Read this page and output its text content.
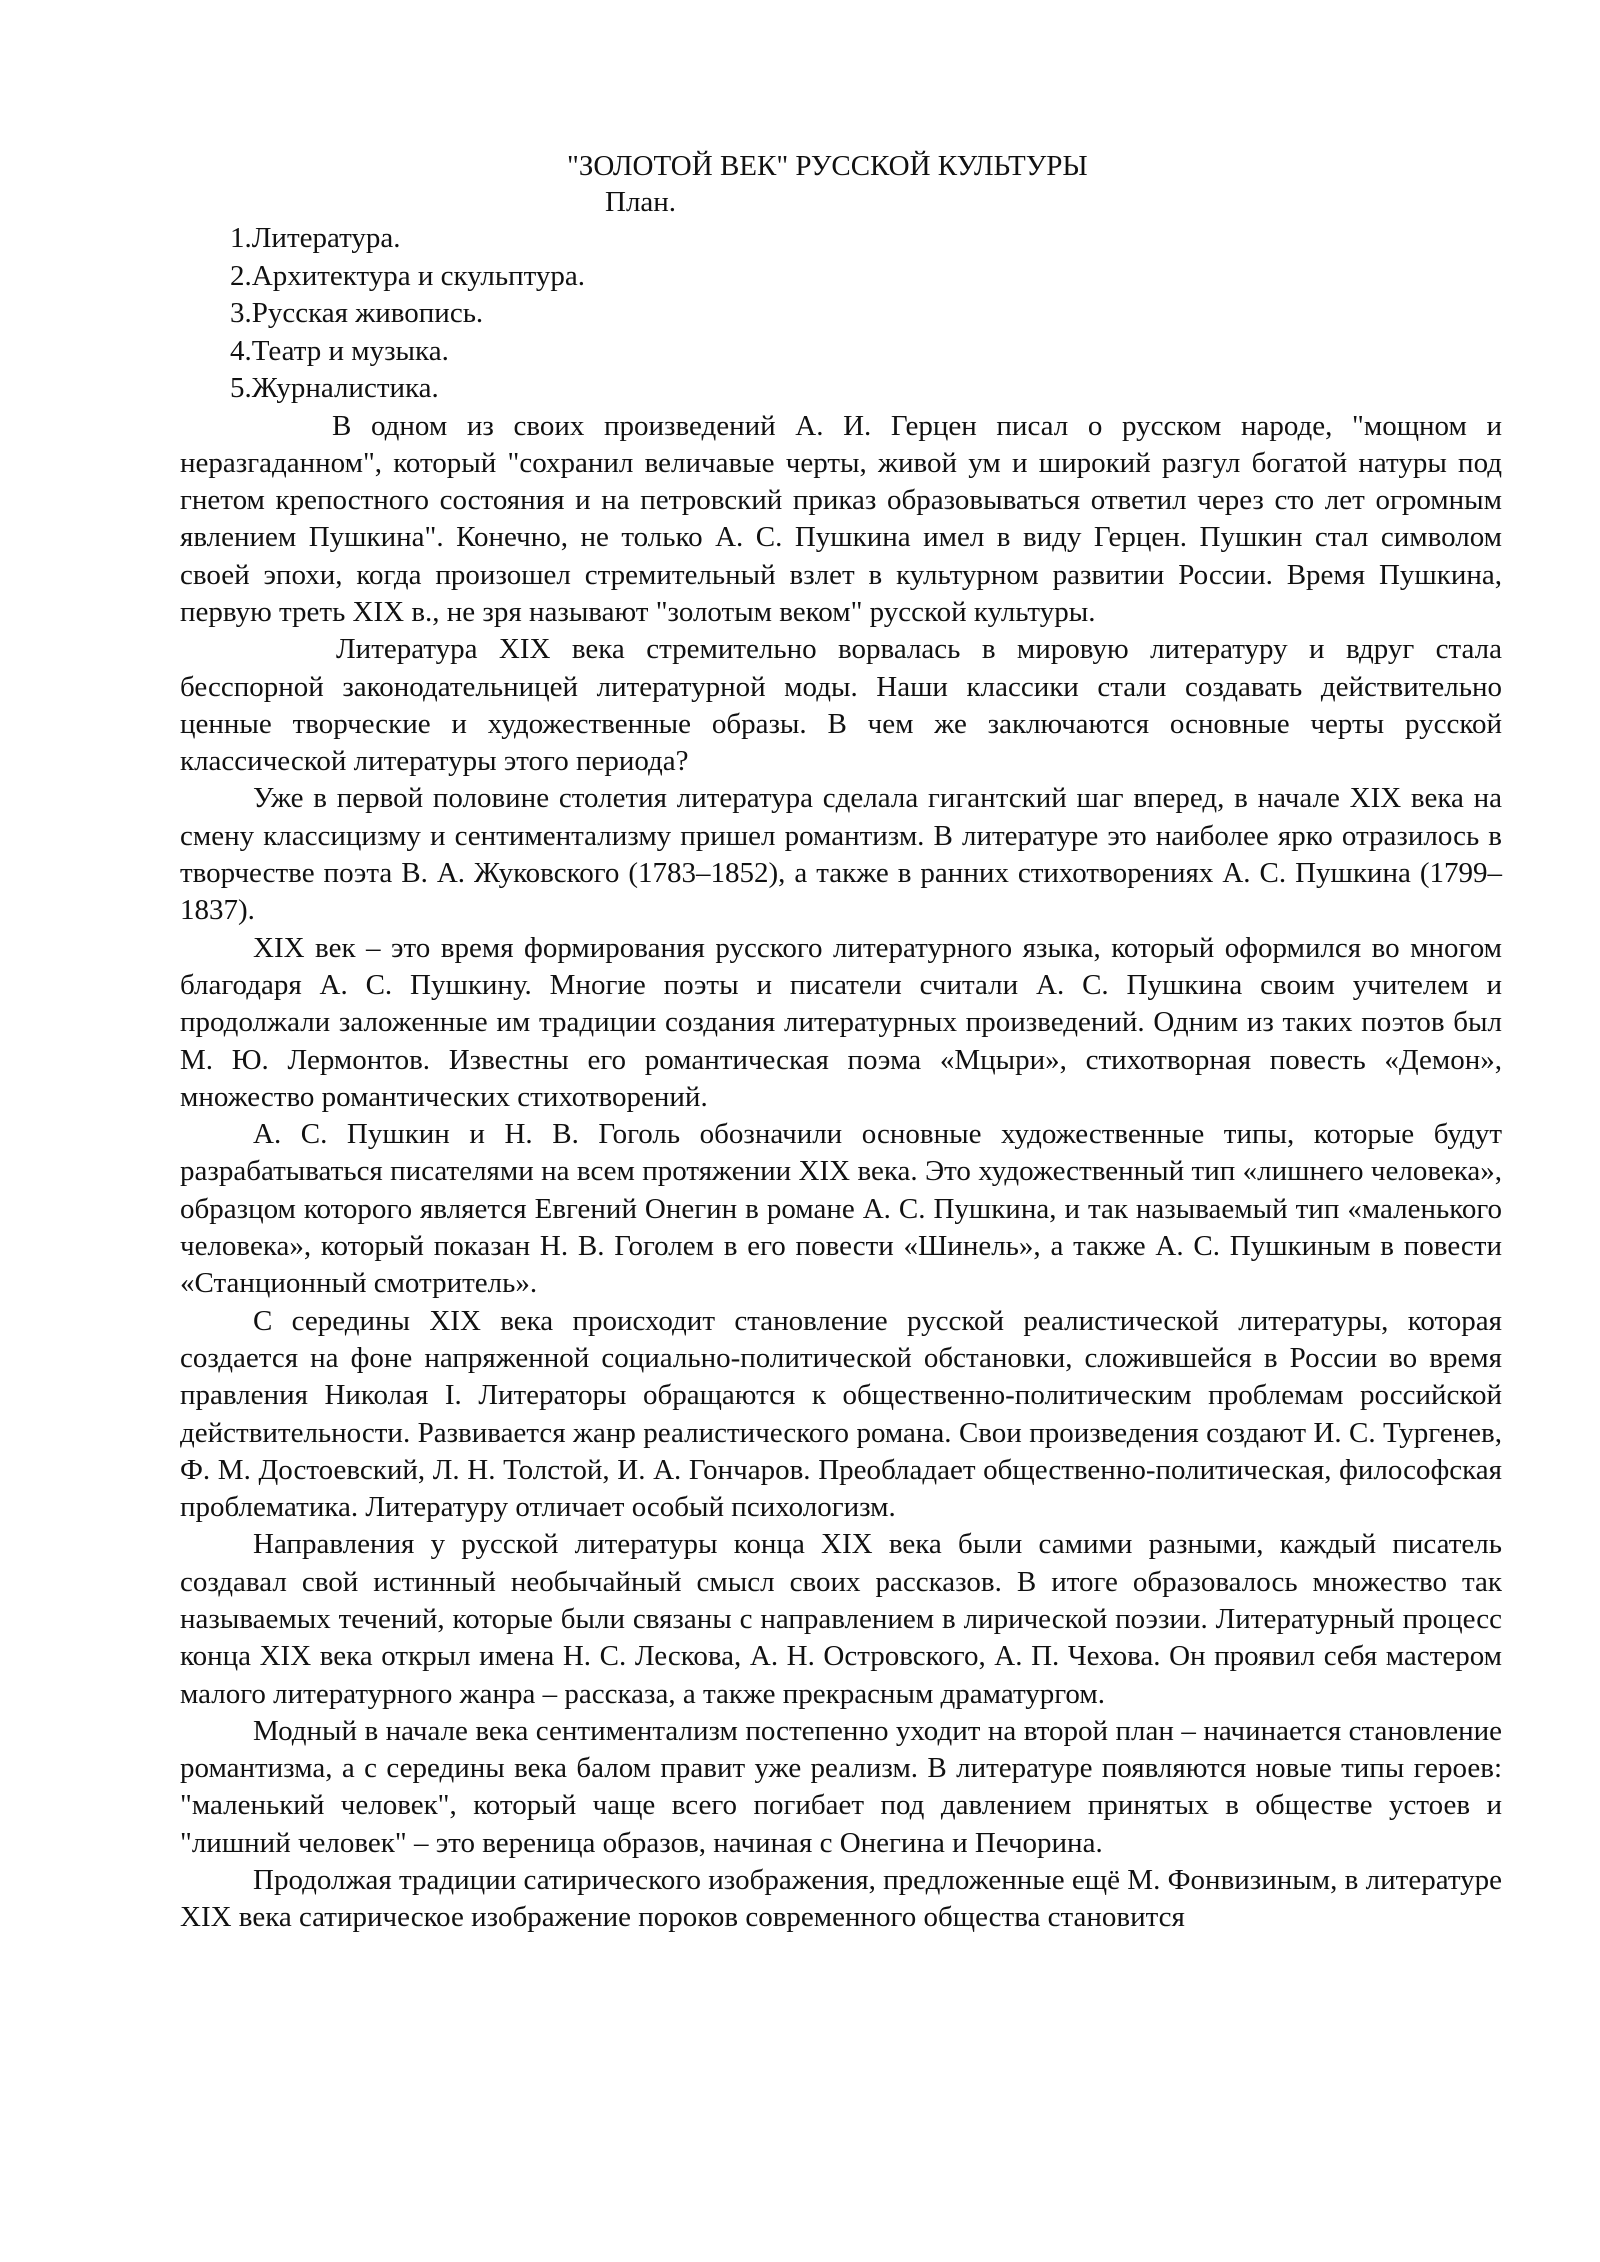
"ЗОЛОТОЙ ВЕК" РУССКОЙ КУЛЬТУРЫ
План.
1.Литература.
2.Архитектура и скульптура.
3.Русская живопись.
4.Театр и музыка.
5.Журналистика.

В одном из своих произведений А. И. Герцен писал о русском народе, "мощном и неразгаданном", который "сохранил величавые черты, живой ум и широкий разгул богатой натуры под гнетом крепостного состояния и на петровский приказ образовываться ответил через сто лет огромным явлением Пушкина". Конечно, не только А. С. Пушкина имел в виду Герцен. Пушкин стал символом своей эпохи, когда произошел стремительный взлет в культурном развитии России. Время Пушкина, первую треть XIX в., не зря называют "золотым веком" русской культуры.

Литература XIX века стремительно ворвалась в мировую литературу и вдруг стала бесспорной законодательницей литературной моды. Наши классики стали создавать действительно ценные творческие и художественные образы. В чем же заключаются основные черты русской классической литературы этого периода?

Уже в первой половине столетия литература сделала гигантский шаг вперед, в начале XIX века на смену классицизму и сентиментализму пришел романтизм. В литературе это наиболее ярко отразилось в творчестве поэта В. А. Жуковского (1783–1852), а также в ранних стихотворениях А. С. Пушкина (1799–1837).

XIX век – это время формирования русского литературного языка, который оформился во многом благодаря А. С. Пушкину. Многие поэты и писатели считали А. С. Пушкина своим учителем и продолжали заложенные им традиции создания литературных произведений. Одним из таких поэтов был М. Ю. Лермонтов. Известны его романтическая поэма «Мцыри», стихотворная повесть «Демон», множество романтических стихотворений.

А. С. Пушкин и Н. В. Гоголь обозначили основные художественные типы, которые будут разрабатываться писателями на всем протяжении XIX века. Это художественный тип «лишнего человека», образцом которого является Евгений Онегин в романе А. С. Пушкина, и так называемый тип «маленького человека», который показан Н. В. Гоголем в его повести «Шинель», а также А. С. Пушкиным в повести «Станционный смотритель».

С середины XIX века происходит становление русской реалистической литературы, которая создается на фоне напряженной социально-политической обстановки, сложившейся в России во время правления Николая I. Литераторы обращаются к общественно-политическим проблемам российской действительности. Развивается жанр реалистического романа. Свои произведения создают И. С. Тургенев, Ф. М. Достоевский, Л. Н. Толстой, И. А. Гончаров. Преобладает общественно-политическая, философская проблематика. Литературу отличает особый психологизм.

Направления у русской литературы конца XIX века были самими разными, каждый писатель создавал свой истинный необычайный смысл своих рассказов. В итоге образовалось множество так называемых течений, которые были связаны с направлением в лирической поэзии. Литературный процесс конца XIX века открыл имена Н. С. Лескова, А. Н. Островского, А. П. Чехова. Он проявил себя мастером малого литературного жанра – рассказа, а также прекрасным драматургом.

Модный в начале века сентиментализм постепенно уходит на второй план – начинается становление романтизма, а с середины века балом правит уже реализм. В литературе появляются новые типы героев: "маленький человек", который чаще всего погибает под давлением принятых в обществе устоев и "лишний человек" – это вереница образов, начиная с Онегина и Печорина.

Продолжая традиции сатирического изображения, предложенные ещё М. Фонвизиным, в литературе XIX века сатирическое изображение пороков современного общества становится
